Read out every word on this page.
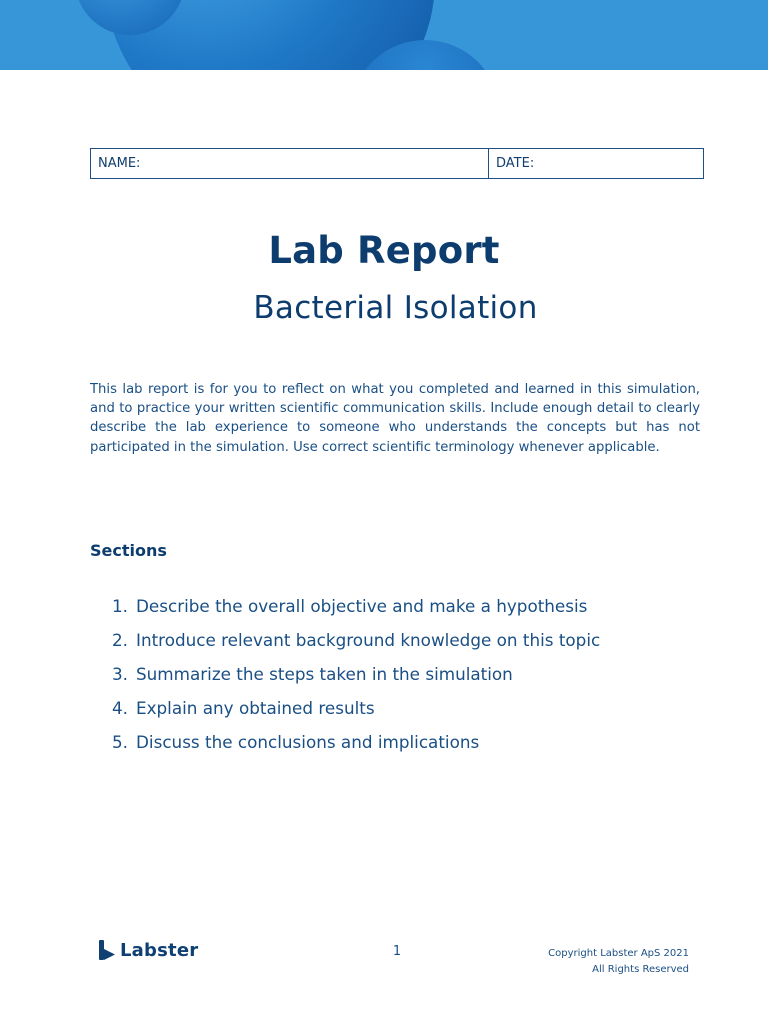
NAME:	DATE:
Lab Report
Bacterial Isolation

This lab report is for you to reflect on what you completed and learned in this simulation, and to practice your written scientific communication skills. Include enough detail to clearly describe the lab experience to someone who understands the concepts but has not participated in the simulation. Use correct scientific terminology whenever applicable.

Sections
1. Describe the overall objective and make a hypothesis
2. Introduce relevant background knowledge on this topic
3. Summarize the steps taken in the simulation
4. Explain any obtained results
5. Discuss the conclusions and implications
Labster	1	Copyright Labster ApS 2021
All Rights Reserved
